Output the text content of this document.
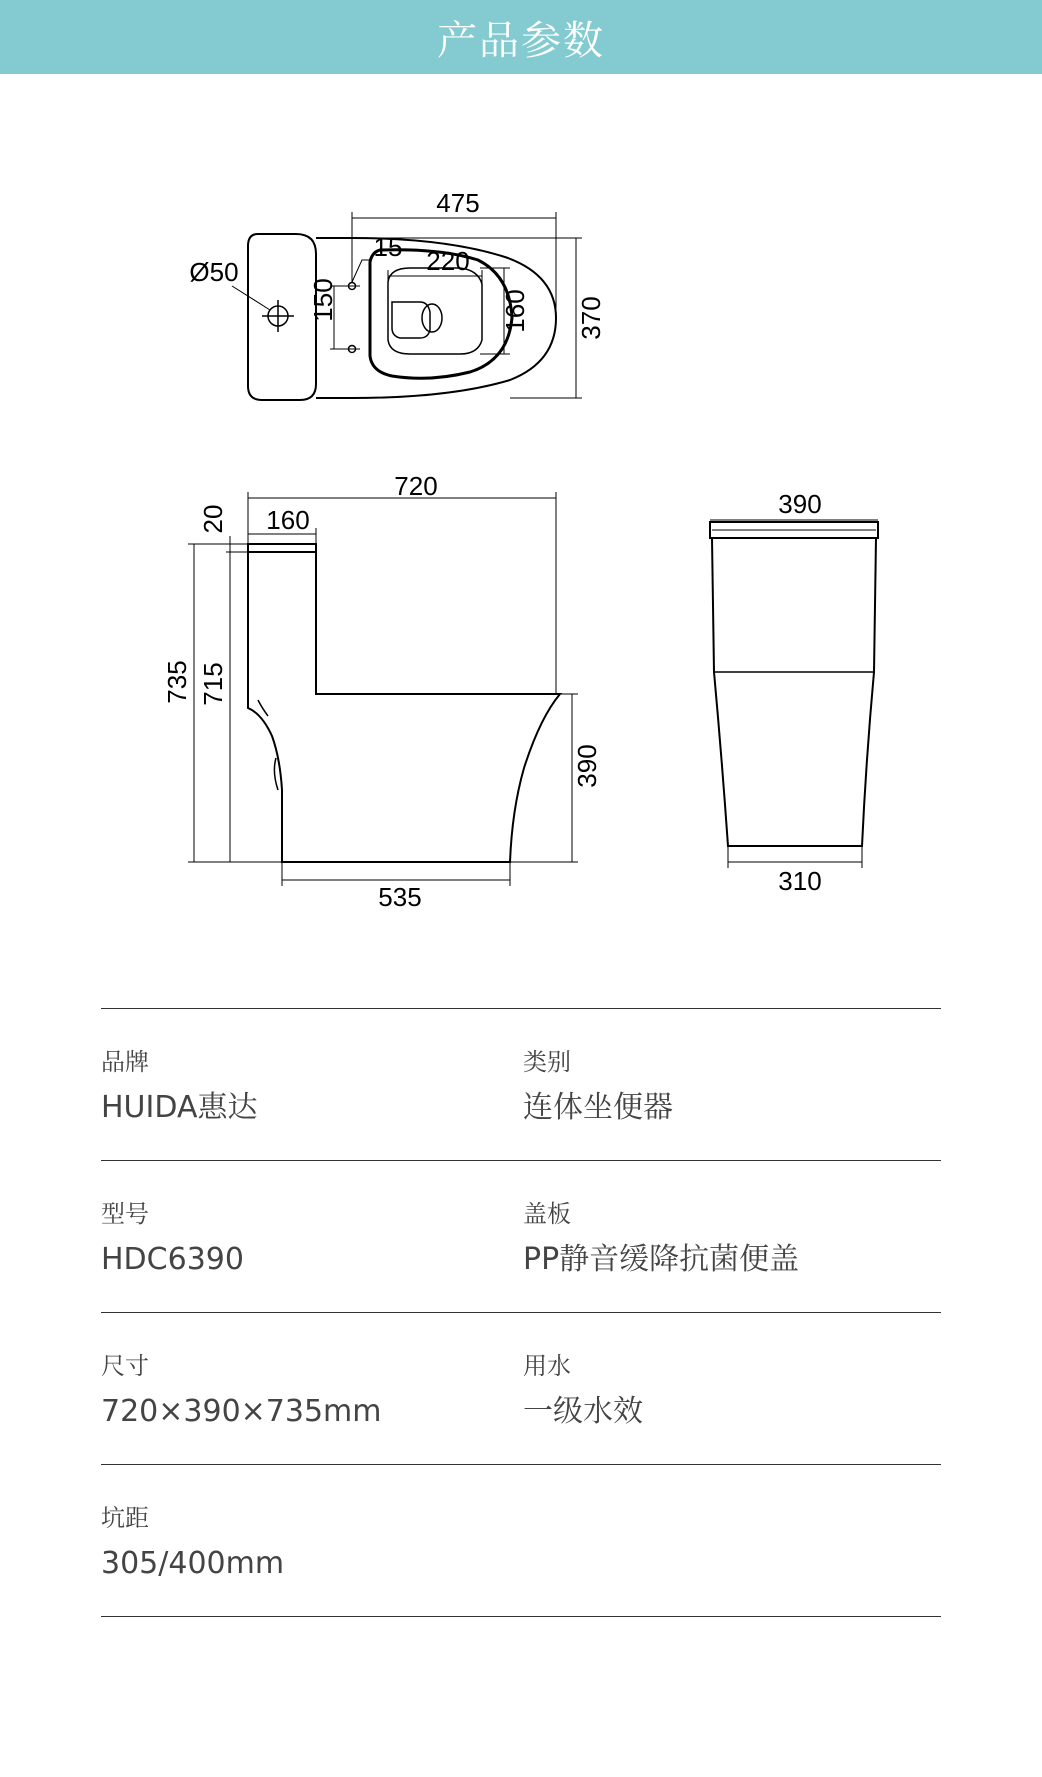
产品参数
475
370
Ø50
15
150
220
160
720
160
20
735 715
390
535
390
310
品牌
HUIDA惠达
类别
连体坐便器
型号
HDC6390
盖板
PP静音缓降抗菌便盖
尺寸
720×390×735mm
用水
一级水效
坑距
305/400mm
